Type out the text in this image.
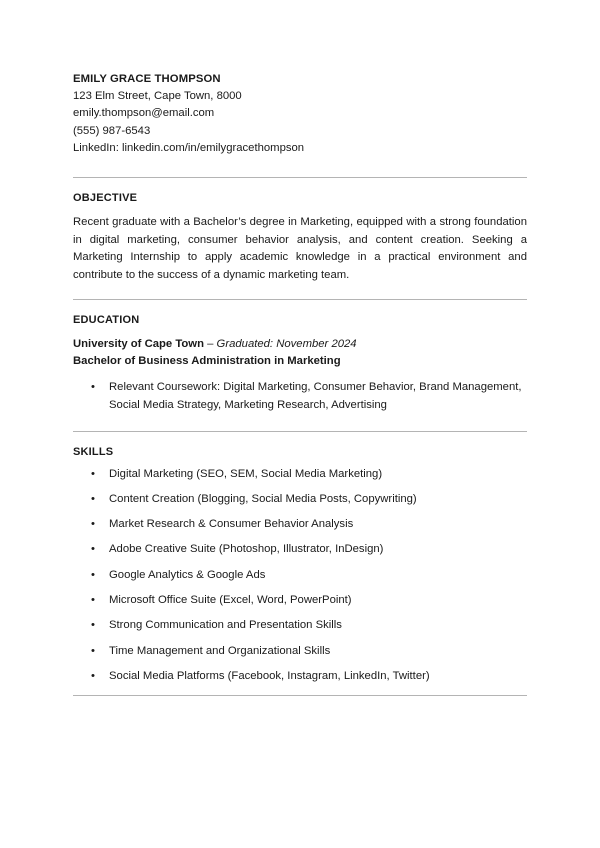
EMILY GRACE THOMPSON
123 Elm Street, Cape Town, 8000
emily.thompson@email.com
(555) 987-6543
LinkedIn: linkedin.com/in/emilygracethompson
OBJECTIVE
Recent graduate with a Bachelor’s degree in Marketing, equipped with a strong foundation in digital marketing, consumer behavior analysis, and content creation. Seeking a Marketing Internship to apply academic knowledge in a practical environment and contribute to the success of a dynamic marketing team.
EDUCATION
University of Cape Town – Graduated: November 2024
Bachelor of Business Administration in Marketing
• Relevant Coursework: Digital Marketing, Consumer Behavior, Brand Management, Social Media Strategy, Marketing Research, Advertising
SKILLS
• Digital Marketing (SEO, SEM, Social Media Marketing)
• Content Creation (Blogging, Social Media Posts, Copywriting)
• Market Research & Consumer Behavior Analysis
• Adobe Creative Suite (Photoshop, Illustrator, InDesign)
• Google Analytics & Google Ads
• Microsoft Office Suite (Excel, Word, PowerPoint)
• Strong Communication and Presentation Skills
• Time Management and Organizational Skills
• Social Media Platforms (Facebook, Instagram, LinkedIn, Twitter)
